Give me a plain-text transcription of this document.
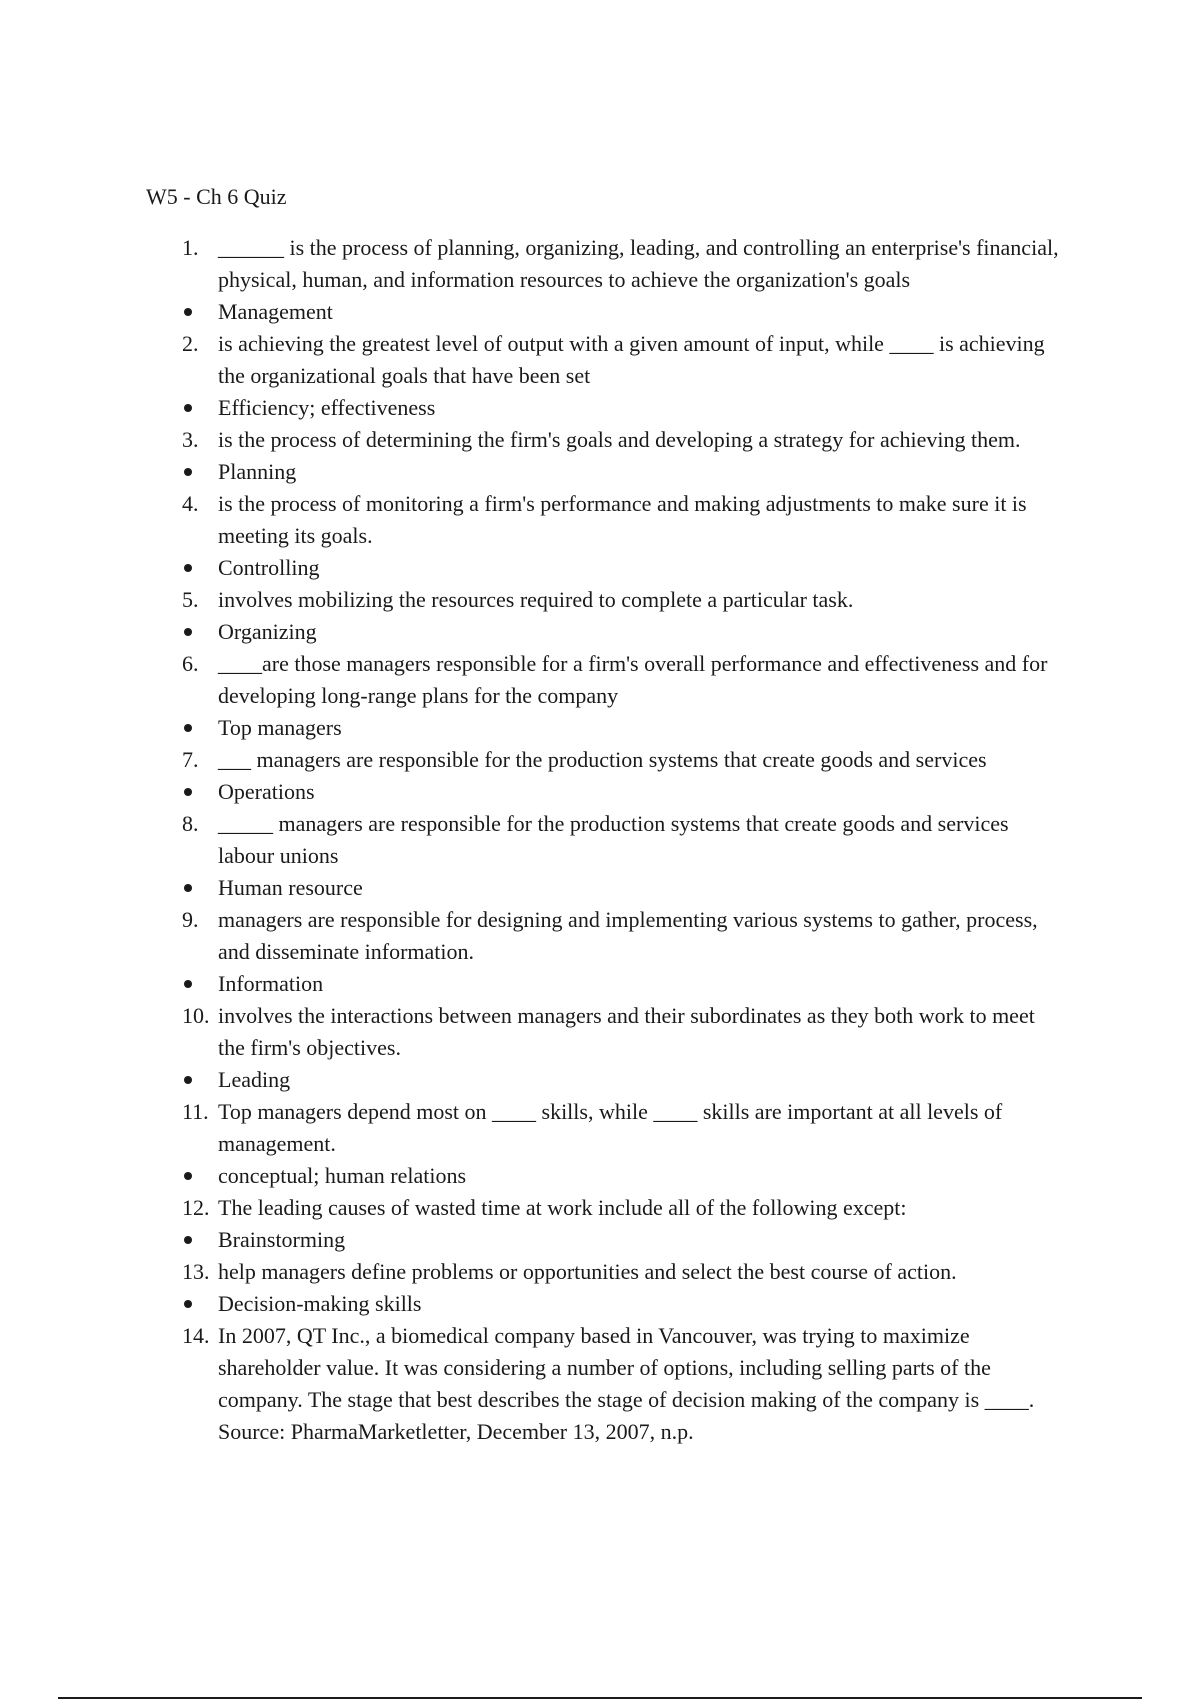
W5 - Ch 6 Quiz
1. ______ is the process of planning, organizing, leading, and controlling an enterprise's financial, physical, human, and information resources to achieve the organization's goals
Management
2. is achieving the greatest level of output with a given amount of input, while ____ is achieving the organizational goals that have been set
Efficiency; effectiveness
3. is the process of determining the firm's goals and developing a strategy for achieving them.
Planning
4. is the process of monitoring a firm's performance and making adjustments to make sure it is meeting its goals.
Controlling
5. involves mobilizing the resources required to complete a particular task.
Organizing
6. ____are those managers responsible for a firm's overall performance and effectiveness and for developing long-range plans for the company
Top managers
7. ___ managers are responsible for the production systems that create goods and services
Operations
8. _____ managers are responsible for the production systems that create goods and services labour unions
Human resource
9. managers are responsible for designing and implementing various systems to gather, process, and disseminate information.
Information
10. involves the interactions between managers and their subordinates as they both work to meet the firm's objectives.
Leading
11. Top managers depend most on ____ skills, while ____ skills are important at all levels of management.
conceptual; human relations
12. The leading causes of wasted time at work include all of the following except:
Brainstorming
13. help managers define problems or opportunities and select the best course of action.
Decision-making skills
14. In 2007, QT Inc., a biomedical company based in Vancouver, was trying to maximize shareholder value. It was considering a number of options, including selling parts of the company. The stage that best describes the stage of decision making of the company is ____. Source: PharmaMarketletter, December 13, 2007, n.p.
